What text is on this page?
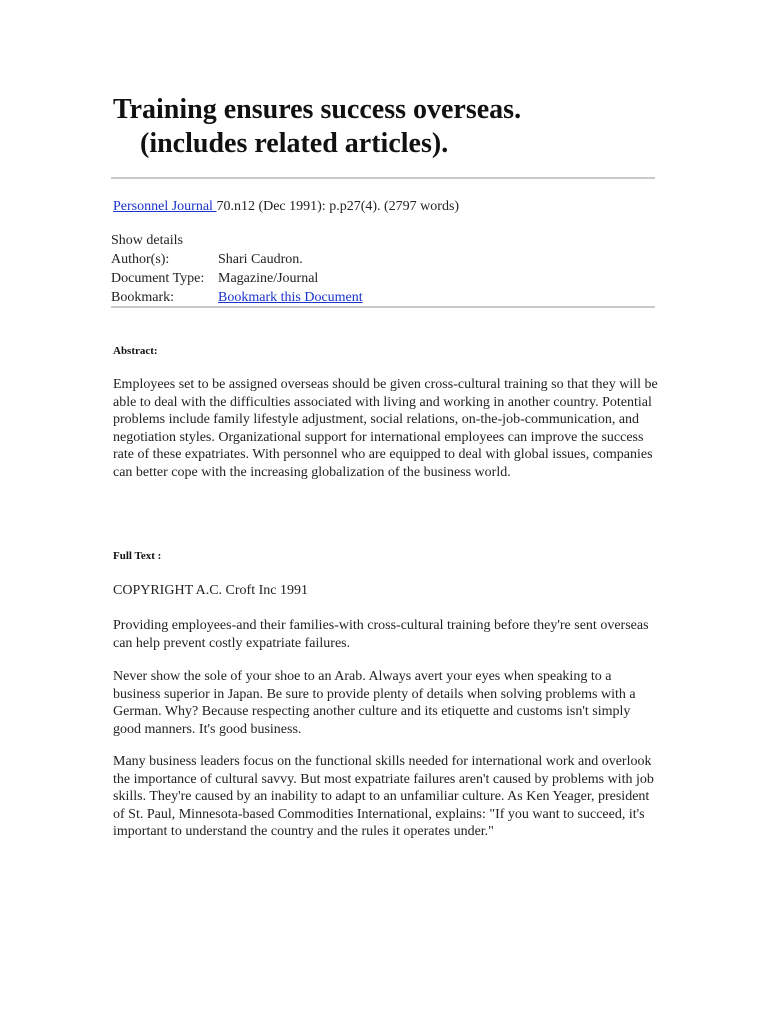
Training ensures success overseas.
(includes related articles).
Personnel Journal 70.n12 (Dec 1991): p.p27(4). (2797 words)
Show details
Author(s):	Shari Caudron.
Document Type: Magazine/Journal
Bookmark:	Bookmark this Document
Abstract:

Employees set to be assigned overseas should be given cross-cultural training so that they will be able to deal with the difficulties associated with living and working in another country. Potential problems include family lifestyle adjustment, social relations, on-the-job-communication, and negotiation styles. Organizational support for international employees can improve the success rate of these expatriates. With personnel who are equipped to deal with global issues, companies can better cope with the increasing globalization of the business world.

Full Text :

COPYRIGHT A.C. Croft Inc 1991

Providing employees-and their families-with cross-cultural training before they're sent overseas can help prevent costly expatriate failures.

Never show the sole of your shoe to an Arab. Always avert your eyes when speaking to a business superior in Japan. Be sure to provide plenty of details when solving problems with a German. Why? Because respecting another culture and its etiquette and customs isn't simply good manners. It's good business.

Many business leaders focus on the functional skills needed for international work and overlook the importance of cultural savvy. But most expatriate failures aren't caused by problems with job skills. They're caused by an inability to adapt to an unfamiliar culture. As Ken Yeager, president of St. Paul, Minnesota-based Commodities International, explains: "If you want to succeed, it's important to understand the country and the rules it operates under."
